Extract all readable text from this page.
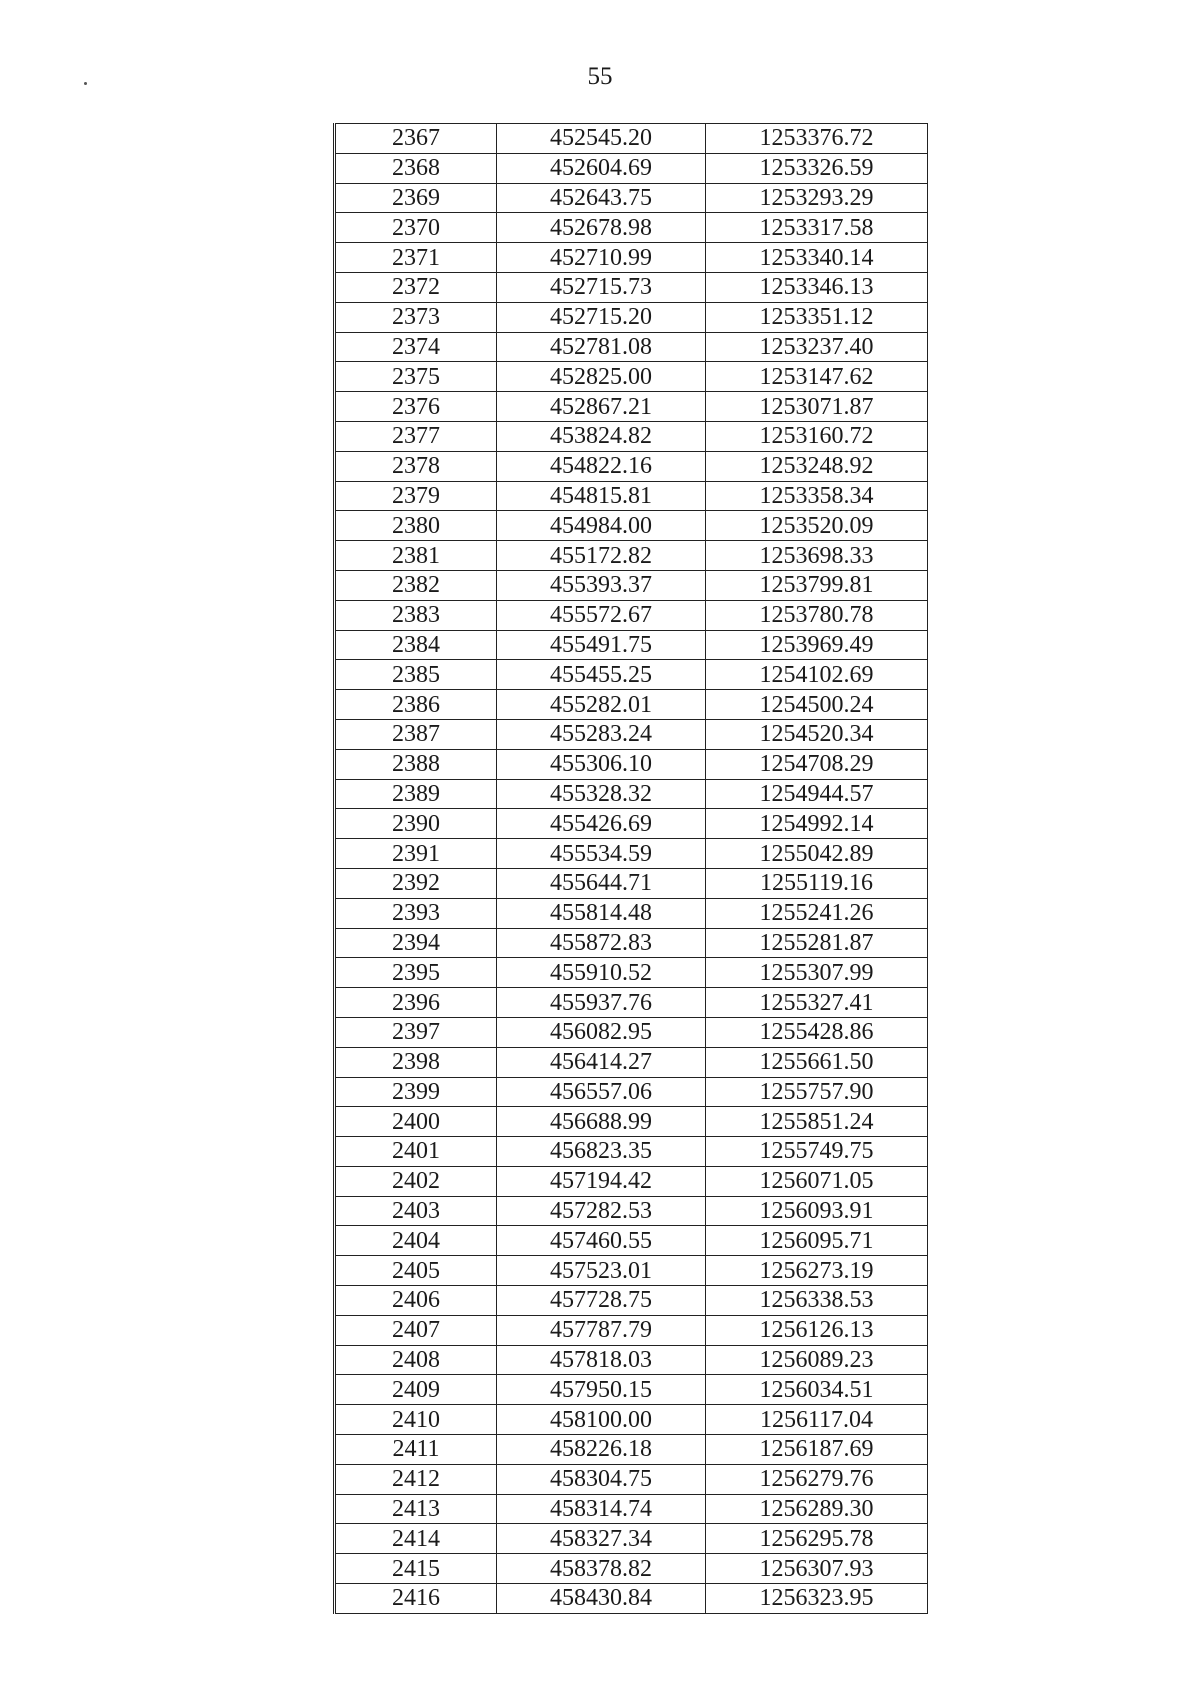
55
2367	452545.20	1253376.72
2368	452604.69	1253326.59
2369	452643.75	1253293.29
2370	452678.98	1253317.58
2371	452710.99	1253340.14
2372	452715.73	1253346.13
2373	452715.20	1253351.12
2374	452781.08	1253237.40
2375	452825.00	1253147.62
2376	452867.21	1253071.87
2377	453824.82	1253160.72
2378	454822.16	1253248.92
2379	454815.81	1253358.34
2380	454984.00	1253520.09
2381	455172.82	1253698.33
2382	455393.37	1253799.81
2383	455572.67	1253780.78
2384	455491.75	1253969.49
2385	455455.25	1254102.69
2386	455282.01	1254500.24
2387	455283.24	1254520.34
2388	455306.10	1254708.29
2389	455328.32	1254944.57
2390	455426.69	1254992.14
2391	455534.59	1255042.89
2392	455644.71	1255119.16
2393	455814.48	1255241.26
2394	455872.83	1255281.87
2395	455910.52	1255307.99
2396	455937.76	1255327.41
2397	456082.95	1255428.86
2398	456414.27	1255661.50
2399	456557.06	1255757.90
2400	456688.99	1255851.24
2401	456823.35	1255749.75
2402	457194.42	1256071.05
2403	457282.53	1256093.91
2404	457460.55	1256095.71
2405	457523.01	1256273.19
2406	457728.75	1256338.53
2407	457787.79	1256126.13
2408	457818.03	1256089.23
2409	457950.15	1256034.51
2410	458100.00	1256117.04
2411	458226.18	1256187.69
2412	458304.75	1256279.76
2413	458314.74	1256289.30
2414	458327.34	1256295.78
2415	458378.82	1256307.93
2416	458430.84	1256323.95
